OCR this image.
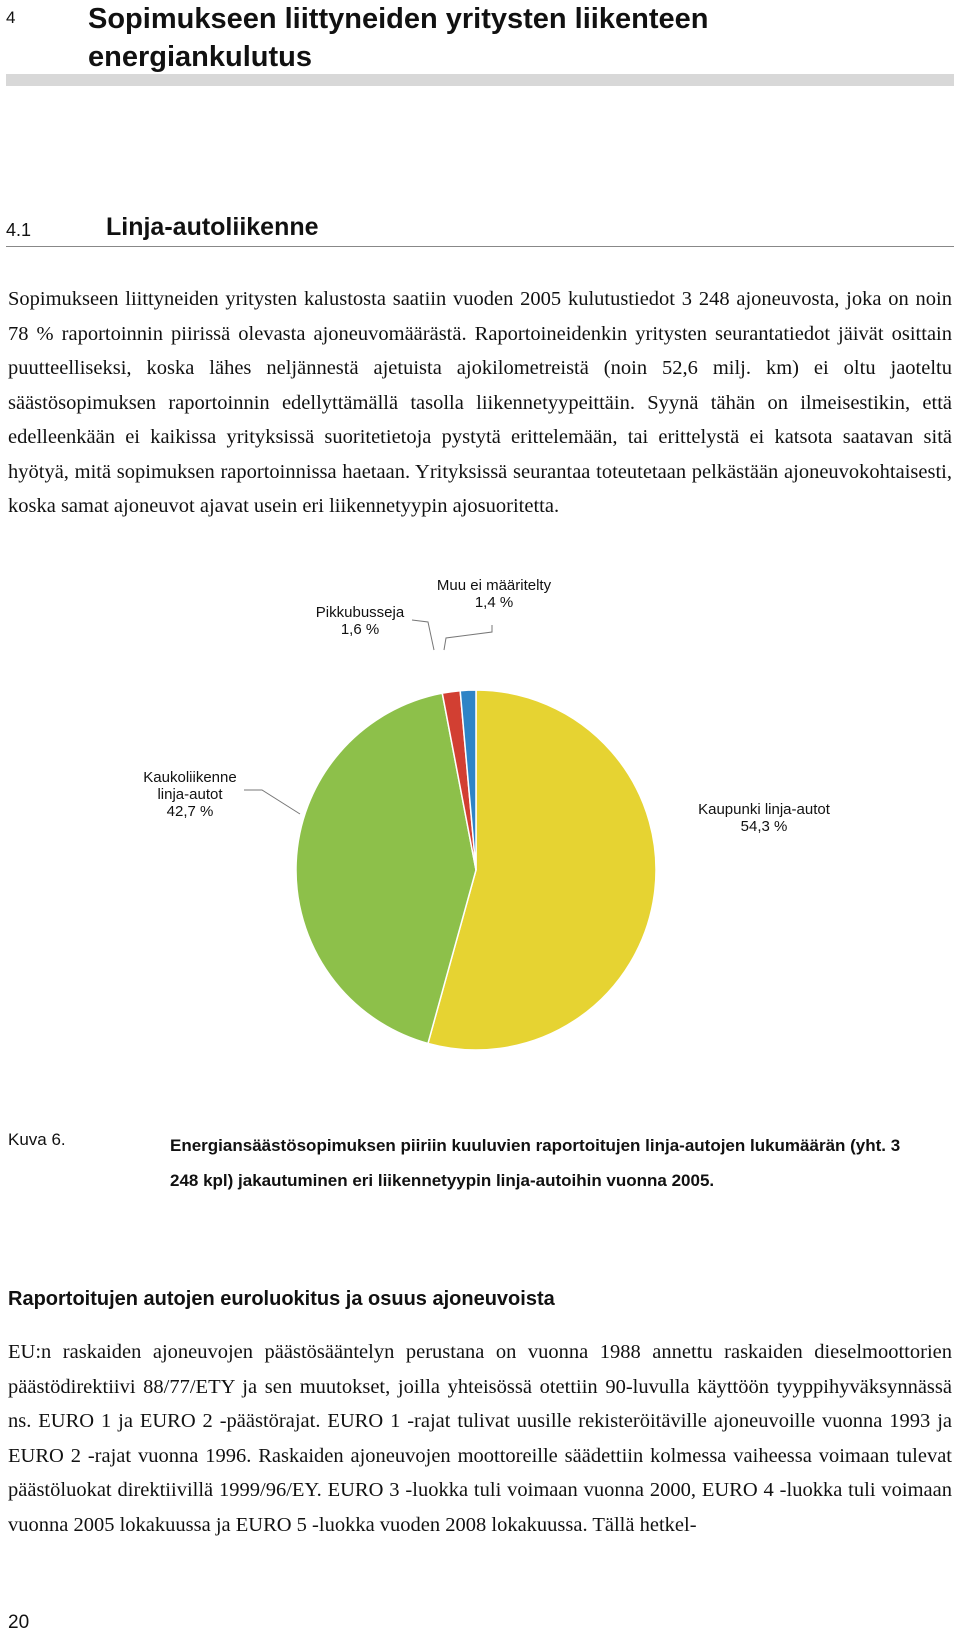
4	Sopimukseen liittyneiden yritysten liikenteen energiankulutus
4.1	Linja-autoliikenne

Sopimukseen liittyneiden yritysten kalustosta saatiin vuoden 2005 kulutustiedot 3 248 ajoneuvosta, joka on noin 78 % raportoinnin piirissä olevasta ajoneuvomäärästä. Raportoineidenkin yritysten seurantatiedot jäivät osittain puutteelliseksi, koska lähes neljännestä ajetuista ajokilometreistä (noin 52,6 milj. km) ei oltu jaoteltu säästösopimuksen raportoinnin edellyttämällä tasolla liikennetyypeittäin. Syynä tähän on ilmeisestikin, että edelleenkään ei kaikissa yrityksissä suoritetietoja pystytä erittelemään, tai erittelystä ei katsota saatavan sitä hyötyä, mitä sopimuksen raportoinnissa haetaan. Yrityksissä seurantaa toteutetaan pelkästään ajoneuvokohtaisesti, koska samat ajoneuvot ajavat usein eri liikennetyypin ajosuoritetta.

Kaupunki linja-autot
54,3 %
Kaukoliikenne
linja-autot
42,7 %
Pikkubusseja
1,6 %
Muu ei määritelty
1,4 %
Kuva 6.	Energiansäästösopimuksen piiriin kuuluvien raportoitujen linja-autojen lukumäärän (yht. 3 248 kpl) jakautuminen eri liikennetyypin linja-autoihin vuonna 2005.
Raportoitujen autojen euroluokitus ja osuus ajoneuvoista

EU:n raskaiden ajoneuvojen päästösääntelyn perustana on vuonna 1988 annettu raskaiden dieselmoottorien päästödirektiivi 88/77/ETY ja sen muutokset, joilla yhteisössä otettiin 90-luvulla käyttöön tyyppihyväksynnässä ns. EURO 1 ja EURO 2 -päästörajat. EURO 1 -rajat tulivat uusille rekisteröitäville ajoneuvoille vuonna 1993 ja EURO 2 -rajat vuonna 1996. Raskaiden ajoneuvojen moottoreille säädettiin kolmessa vaiheessa voimaan tulevat päästöluokat direktiivillä 1999/96/EY. EURO 3 -luokka tuli voimaan vuonna 2000, EURO 4 -luokka tuli voimaan vuonna 2005 lokakuussa ja EURO 5 -luokka vuoden 2008 lokakuussa. Tällä hetkel-

20
